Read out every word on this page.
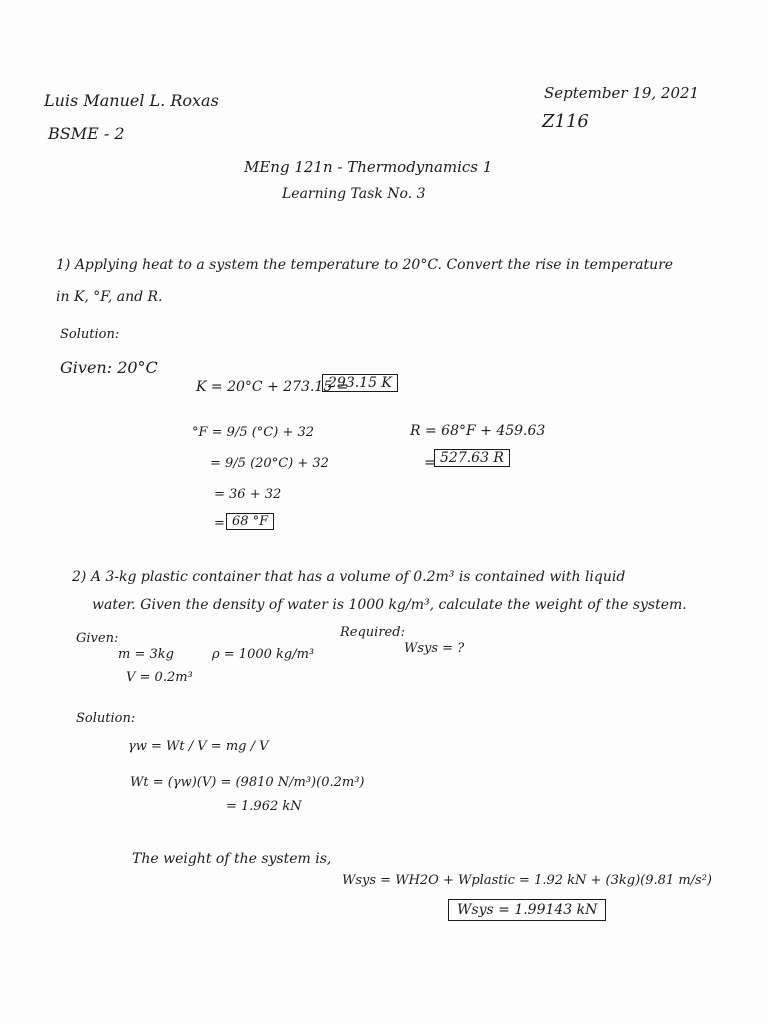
Luis Manuel L. Roxas
BSME - 2
September 19, 2021
Z116
MEng 121n - Thermodynamics 1
Learning Task No. 3
1) Applying heat to a system the temperature to 20°C. Convert the rise in temperature
in K, °F, and R.
Solution:
Given: 20°C
K = 20°C + 273.15 =
293.15 K
°F = 9/5 (°C) + 32
= 9/5 (20°C) + 32
= 36 + 32
= 68 °F
R = 68°F + 459.63
= 527.63 R
2) A 3-kg plastic container that has a volume of 0.2m³ is contained with liquid
water. Given the density of water is 1000 kg/m³, calculate the weight of the system.
Given:
m = 3kg
V = 0.2m³
ρ = 1000 kg/m³
Required:
Wsys = ?
Solution:
γw = Wt / V = mg / V
Wt = (γw)(V) = (9810 N/m³)(0.2m³)
= 1.962 kN
The weight of the system is,
Wsys = WH2O + Wplastic = 1.92 kN + (3kg)(9.81 m/s²)
Wsys = 1.99143 kN
